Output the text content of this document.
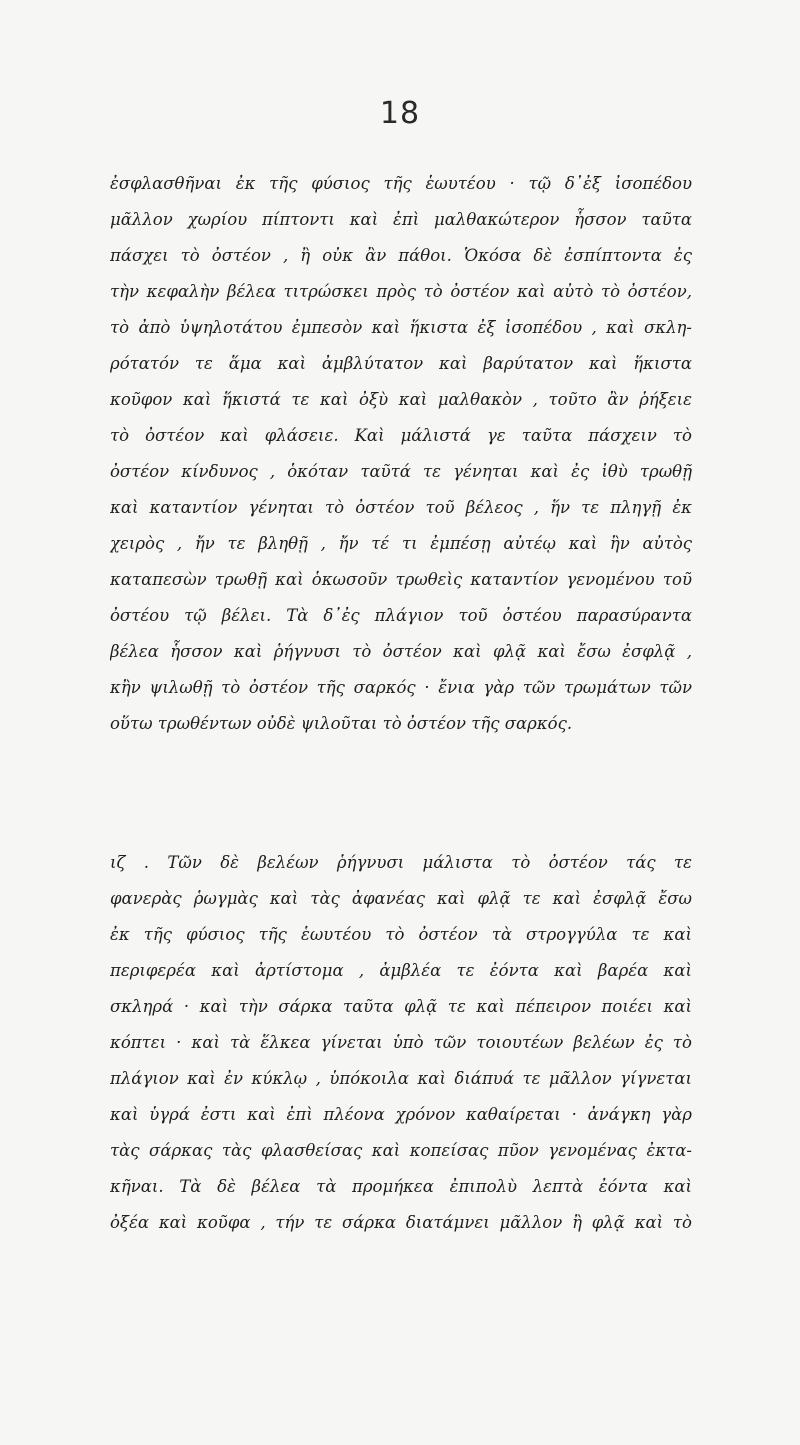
18
ἐσφλασθῆναι ἐκ τῆς φύσιος τῆς ἑωυτέου · τῷ δ᾽ἐξ ἰσοπέδου
μᾶλλον χωρίου πίπτοντι καὶ ἐπὶ μαλθακώτερον ἧσσον ταῦτα
πάσχει τὸ ὀστέον , ἢ οὐκ ἂν πάθοι. Ὁκόσα δὲ ἐσπίπτοντα ἐς
τὴν κεφαλὴν βέλεα τιτρώσκει πρὸς τὸ ὀστέον καὶ αὐτὸ τὸ ὀστέον,
τὸ ἀπὸ ὑψηλοτάτου ἐμπεσὸν καὶ ἥκιστα ἐξ ἰσοπέδου , καὶ σκλη-
ρότατόν τε ἅμα καὶ ἀμβλύτατον καὶ βαρύτατον καὶ ἥκιστα
κοῦφον καὶ ἥκιστά τε καὶ ὀξὺ καὶ μαλθακὸν , τοῦτο ἂν ῥήξειε
τὸ ὀστέον καὶ φλάσειε. Καὶ μάλιστά γε ταῦτα πάσχειν τὸ
ὀστέον κίνδυνος , ὁκόταν ταῦτά τε γένηται καὶ ἐς ἰθὺ τρωθῇ
καὶ καταντίον γένηται τὸ ὀστέον τοῦ βέλεος , ἥν τε πληγῇ ἐκ
χειρὸς , ἤν τε βληθῇ , ἤν τέ τι ἐμπέσῃ αὐτέῳ καὶ ἢν αὐτὸς
καταπεσὼν τρωθῇ καὶ ὁκωσοῦν τρωθεὶς καταντίον γενομένου τοῦ
ὀστέου τῷ βέλει. Τὰ δ᾽ἐς πλάγιον τοῦ ὀστέου παρασύραντα
βέλεα ἧσσον καὶ ῥήγνυσι τὸ ὀστέον καὶ φλᾷ καὶ ἔσω ἐσφλᾷ ,
κἢν ψιλωθῇ τὸ ὀστέον τῆς σαρκός · ἔνια γὰρ τῶν τρωμάτων τῶν
οὕτω τρωθέντων οὐδὲ ψιλοῦται τὸ ὀστέον τῆς σαρκός.
ιζ . Τῶν δὲ βελέων ῥήγνυσι μάλιστα τὸ ὀστέον τάς τε
φανερὰς ῥωγμὰς καὶ τὰς ἀφανέας καὶ φλᾷ τε καὶ ἐσφλᾷ ἔσω
ἐκ τῆς φύσιος τῆς ἑωυτέου τὸ ὀστέον τὰ στρογγύλα τε καὶ
περιφερέα καὶ ἀρτίστομα , ἀμβλέα τε ἐόντα καὶ βαρέα καὶ
σκληρά · καὶ τὴν σάρκα ταῦτα φλᾷ τε καὶ πέπειρον ποιέει καὶ
κόπτει · καὶ τὰ ἕλκεα γίνεται ὑπὸ τῶν τοιουτέων βελέων ἐς τὸ
πλάγιον καὶ ἐν κύκλῳ , ὑπόκοιλα καὶ διάπυά τε μᾶλλον γίγνεται
καὶ ὑγρά ἐστι καὶ ἐπὶ πλέονα χρόνον καθαίρεται · ἀνάγκη γὰρ
τὰς σάρκας τὰς φλασθείσας καὶ κοπείσας πῦον γενομένας ἐκτα-
κῆναι. Τὰ δὲ βέλεα τὰ προμήκεα ἐπιπολὺ λεπτὰ ἐόντα καὶ
ὀξέα καὶ κοῦφα , τήν τε σάρκα διατάμνει μᾶλλον ἢ φλᾷ καὶ τὸ
